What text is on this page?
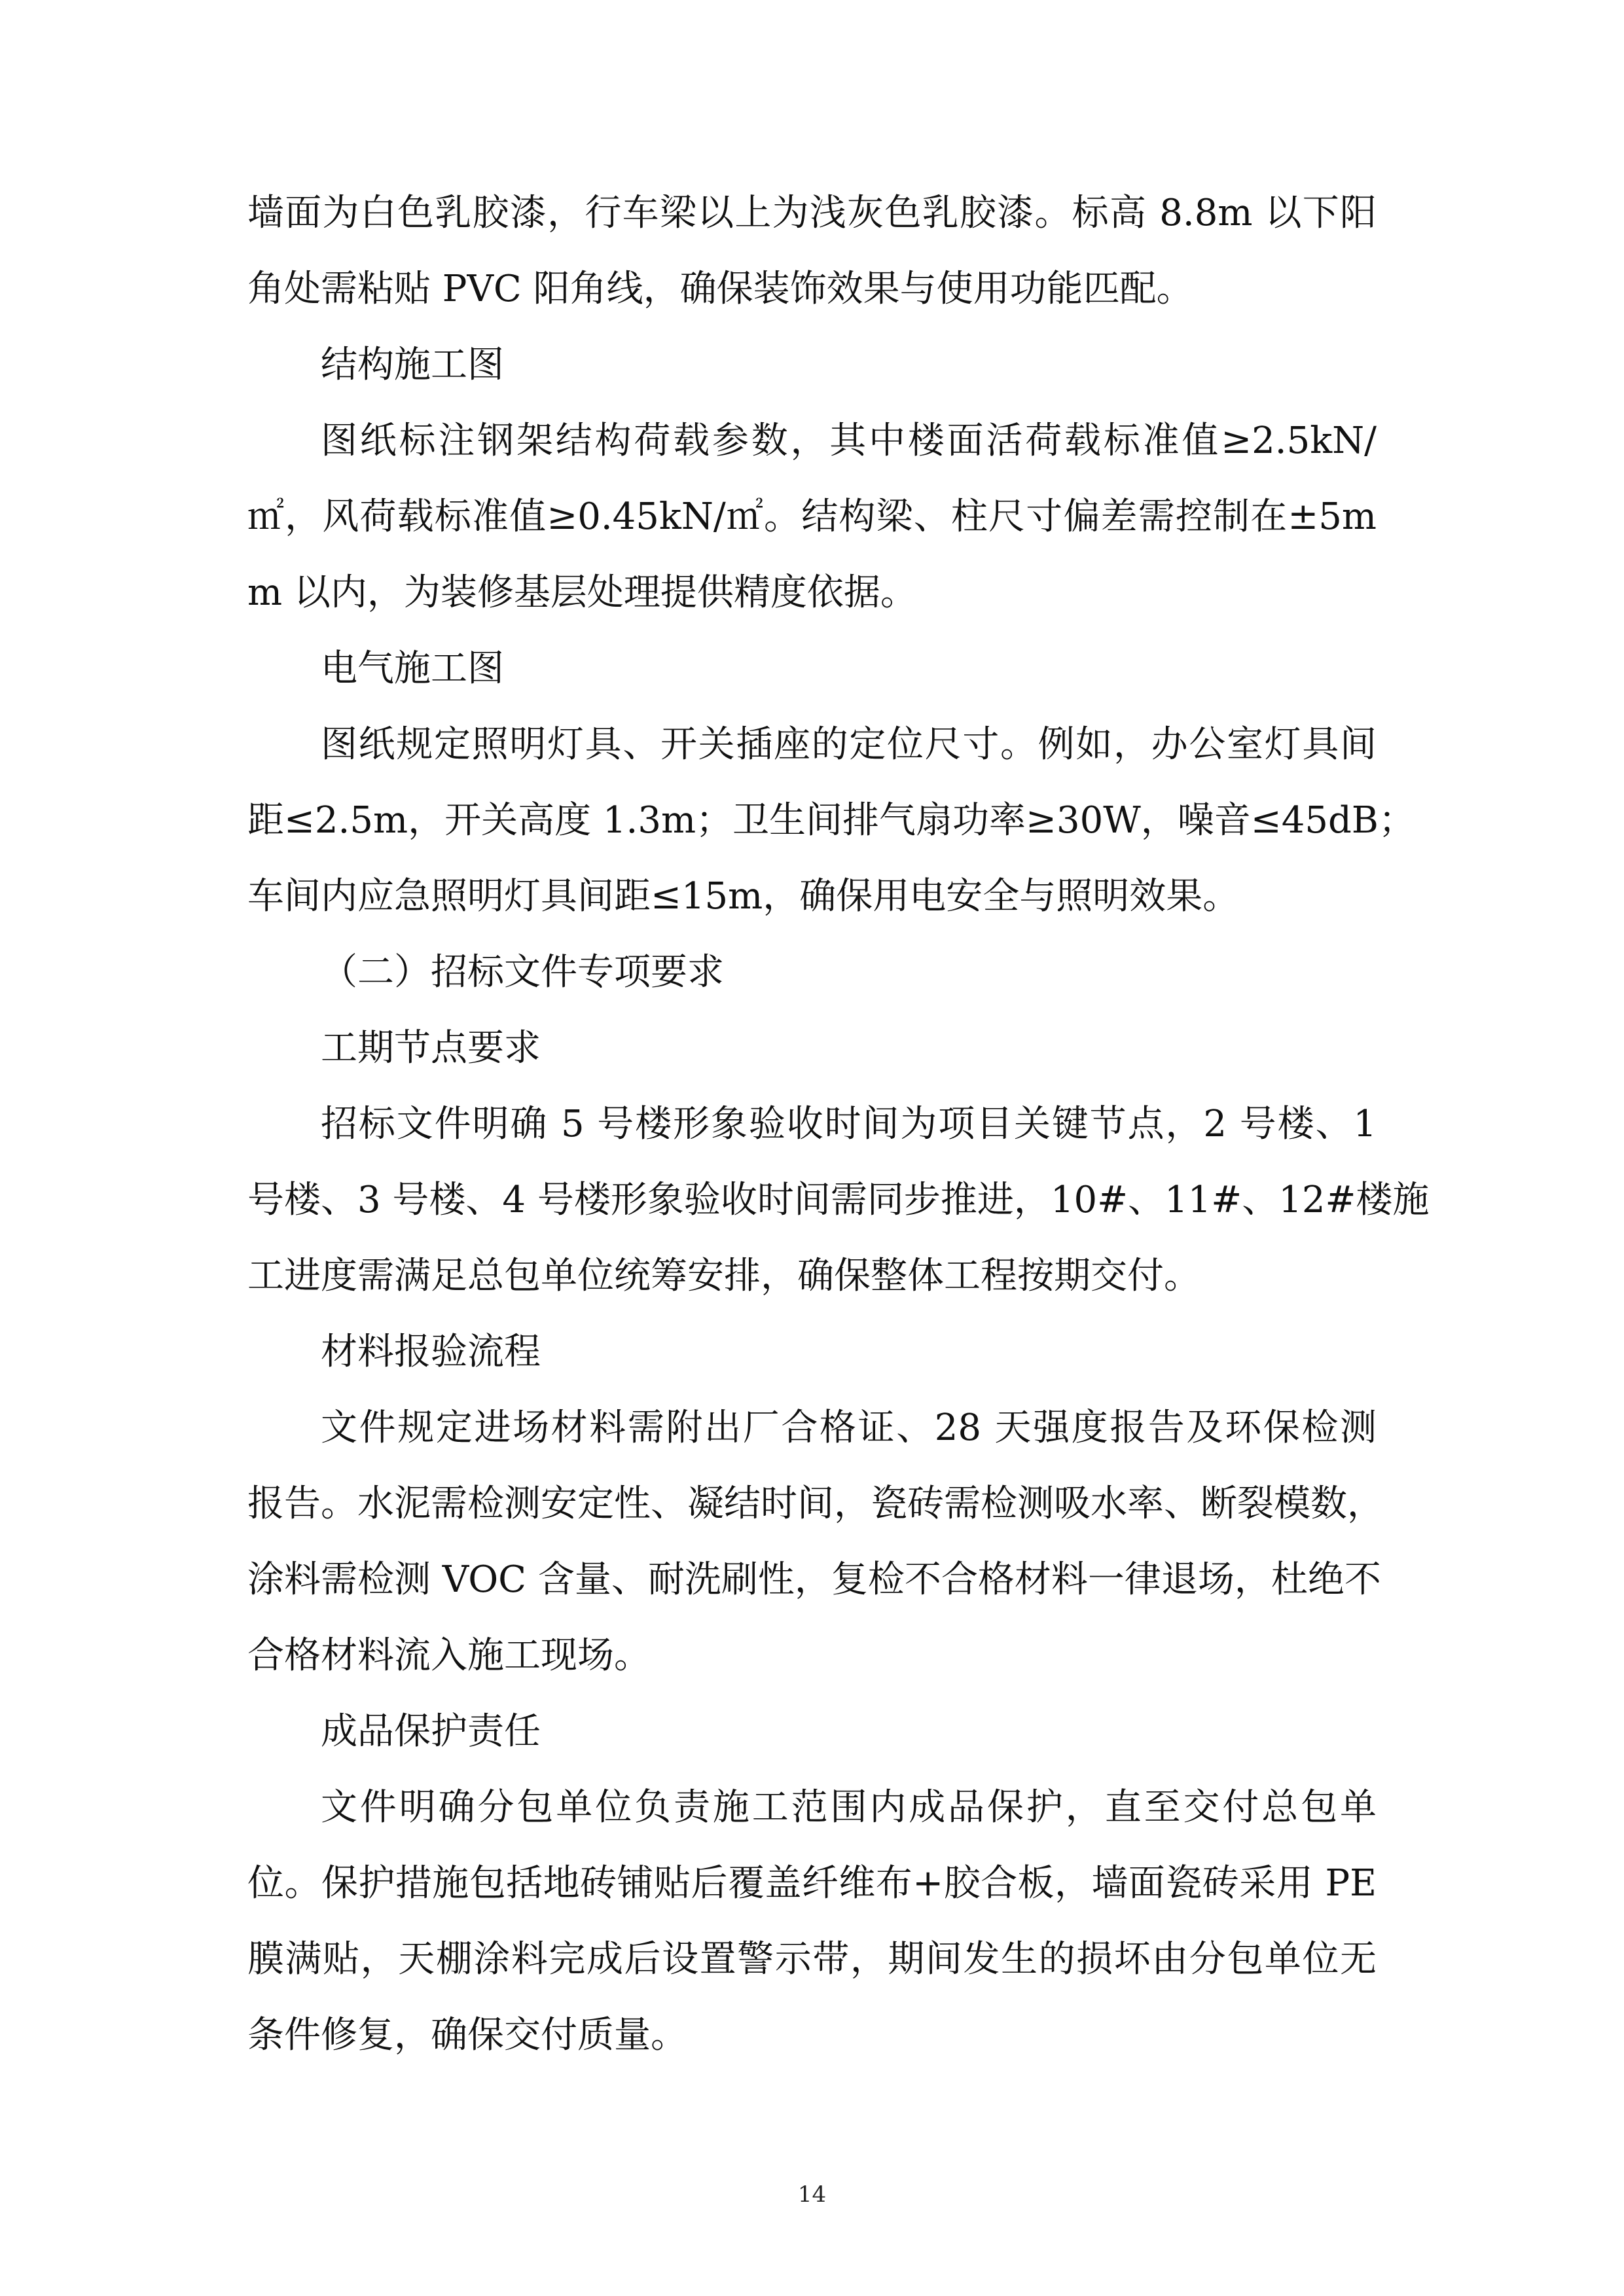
墙面为白色乳胶漆，行车梁以上为浅灰色乳胶漆。标高 8.8m 以下阳
角处需粘贴 PVC 阳角线，确保装饰效果与使用功能匹配。
结构施工图
图纸标注钢架结构荷载参数，其中楼面活荷载标准值≥2.5kN/
㎡，风荷载标准值≥0.45kN/㎡。结构梁、柱尺寸偏差需控制在±5m
m 以内，为装修基层处理提供精度依据。
电气施工图
图纸规定照明灯具、开关插座的定位尺寸。例如，办公室灯具间
距≤2.5m，开关高度 1.3m；卫生间排气扇功率≥30W，噪音≤45dB；
车间内应急照明灯具间距≤15m，确保用电安全与照明效果。
（二）招标文件专项要求
工期节点要求
招标文件明确 5 号楼形象验收时间为项目关键节点，2 号楼、1
号楼、3 号楼、4 号楼形象验收时间需同步推进，10#、11#、12#楼施
工进度需满足总包单位统筹安排，确保整体工程按期交付。
材料报验流程
文件规定进场材料需附出厂合格证、28 天强度报告及环保检测
报告。水泥需检测安定性、凝结时间，瓷砖需检测吸水率、断裂模数，
涂料需检测 VOC 含量、耐洗刷性，复检不合格材料一律退场，杜绝不
合格材料流入施工现场。
成品保护责任
文件明确分包单位负责施工范围内成品保护，直至交付总包单
位。保护措施包括地砖铺贴后覆盖纤维布+胶合板，墙面瓷砖采用 PE
膜满贴，天棚涂料完成后设置警示带，期间发生的损坏由分包单位无
条件修复，确保交付质量。
14
